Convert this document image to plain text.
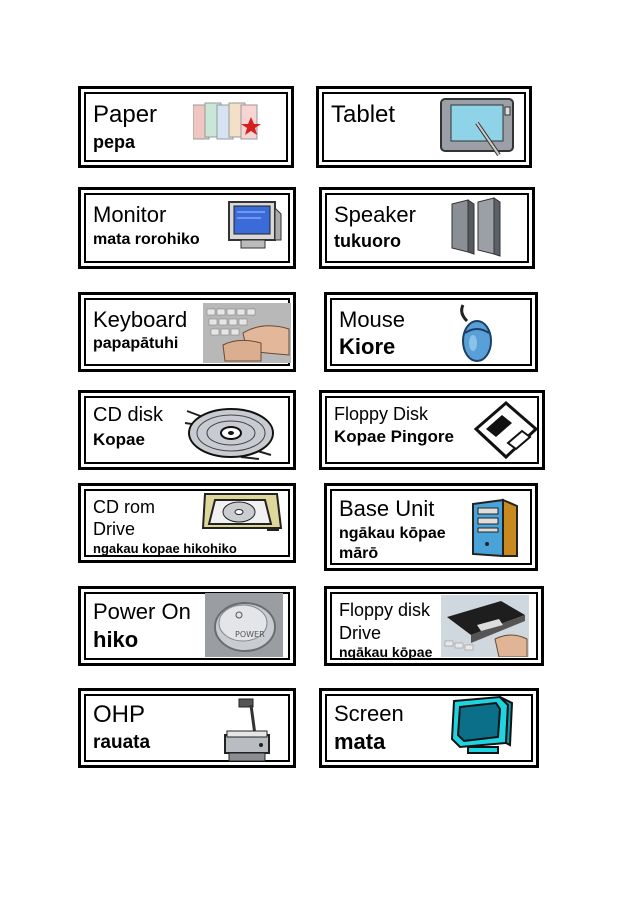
Paper
pepa
Tablet
Monitor
mata rorohiko
Speaker
tukuoro
Keyboard
papapātuhi
Mouse
Kiore
CD disk
Kopae
Floppy Disk
Kopae Pingore
CD rom
Drive
ngakau kopae hikohiko
Base Unit
ngākau kōpae
mārō
Power On
hiko	POWER
Floppy disk
Drive
ngākau kōpae
OHP
rauata
Screen
mata
